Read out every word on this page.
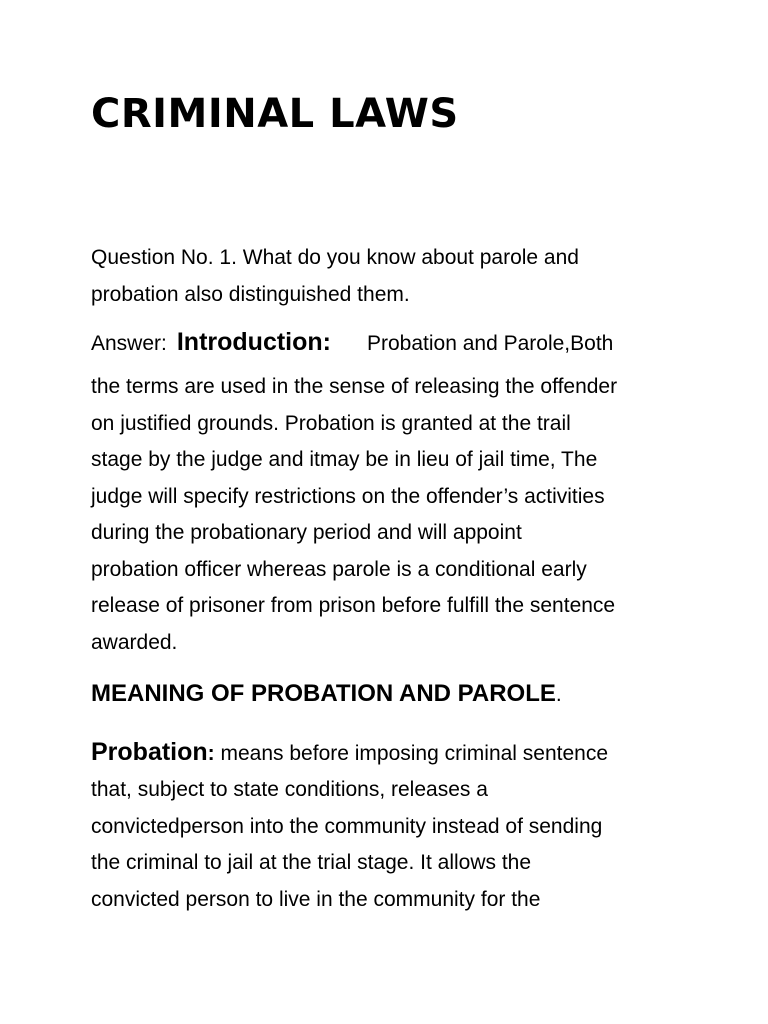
CRIMINAL LAWS
Question No. 1. What do you know about parole and
probation also distinguished them.
Answer: Introduction: Probation and Parole,Both
the terms are used in the sense of releasing the offender
on justified grounds. Probation is granted at the trail
stage by the judge and itmay be in lieu of jail time, The
judge will specify restrictions on the offender’s activities
during the probationary period and will appoint
probation officer whereas parole is a conditional early
release of prisoner from prison before fulfill the sentence
awarded.
MEANING OF PROBATION AND PAROLE.
Probation: means before imposing criminal sentence
that, subject to state conditions, releases a
convictedperson into the community instead of sending
the criminal to jail at the trial stage. It allows the
convicted person to live in the community for the
